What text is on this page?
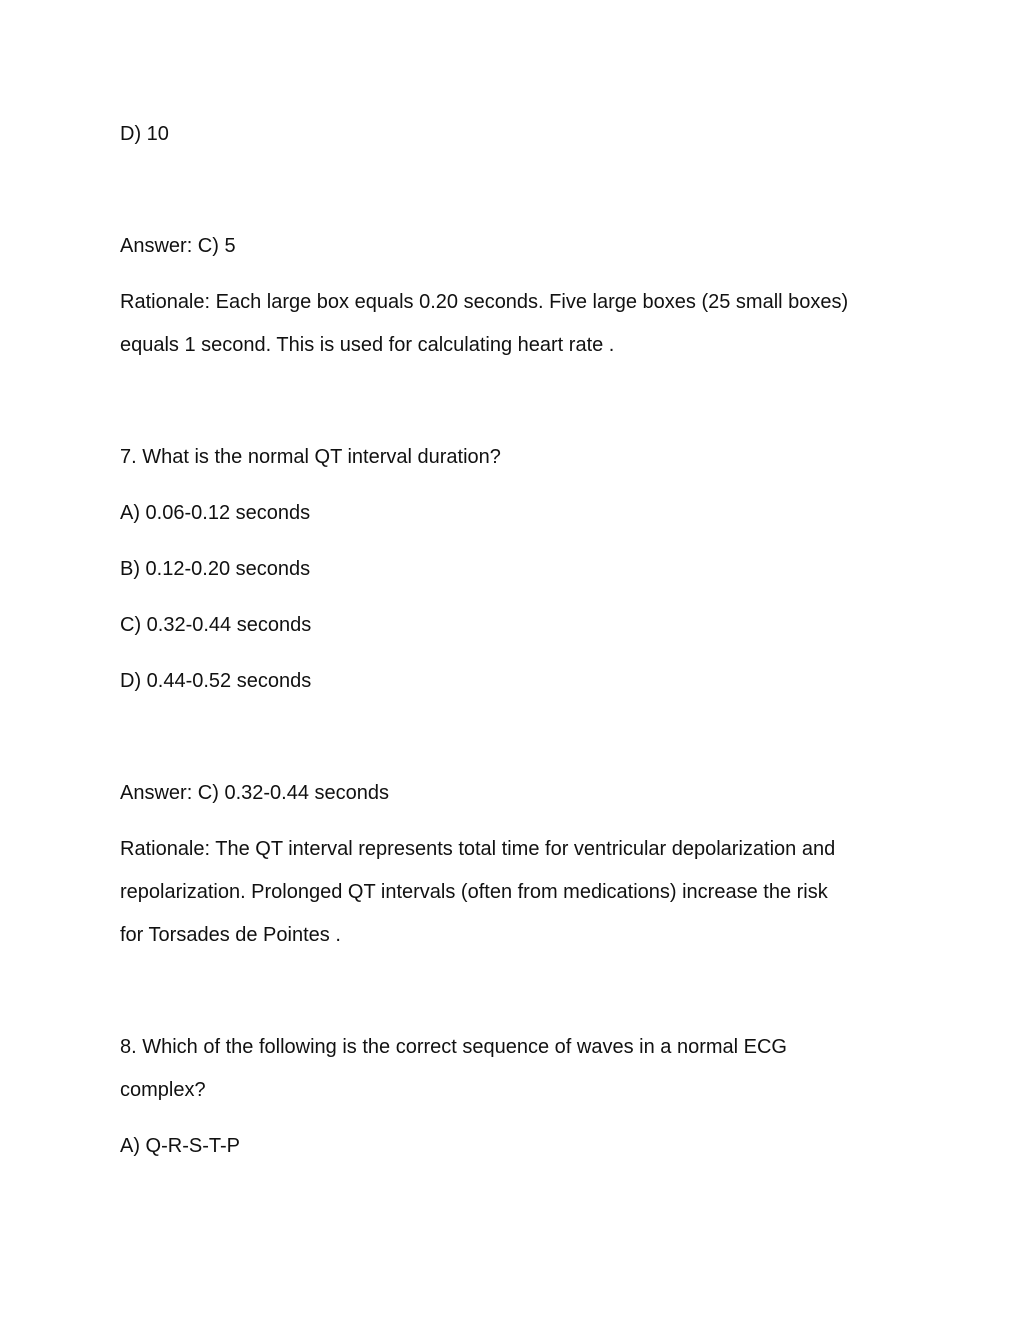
D) 10

Answer: C) 5

Rationale: Each large box equals 0.20 seconds. Five large boxes (25 small boxes)

equals 1 second. This is used for calculating heart rate .

7. What is the normal QT interval duration?

A) 0.06-0.12 seconds

B) 0.12-0.20 seconds

C) 0.32-0.44 seconds

D) 0.44-0.52 seconds

Answer: C) 0.32-0.44 seconds

Rationale: The QT interval represents total time for ventricular depolarization and

repolarization. Prolonged QT intervals (often from medications) increase the risk

for Torsades de Pointes .

8. Which of the following is the correct sequence of waves in a normal ECG

complex?

A) Q-R-S-T-P
